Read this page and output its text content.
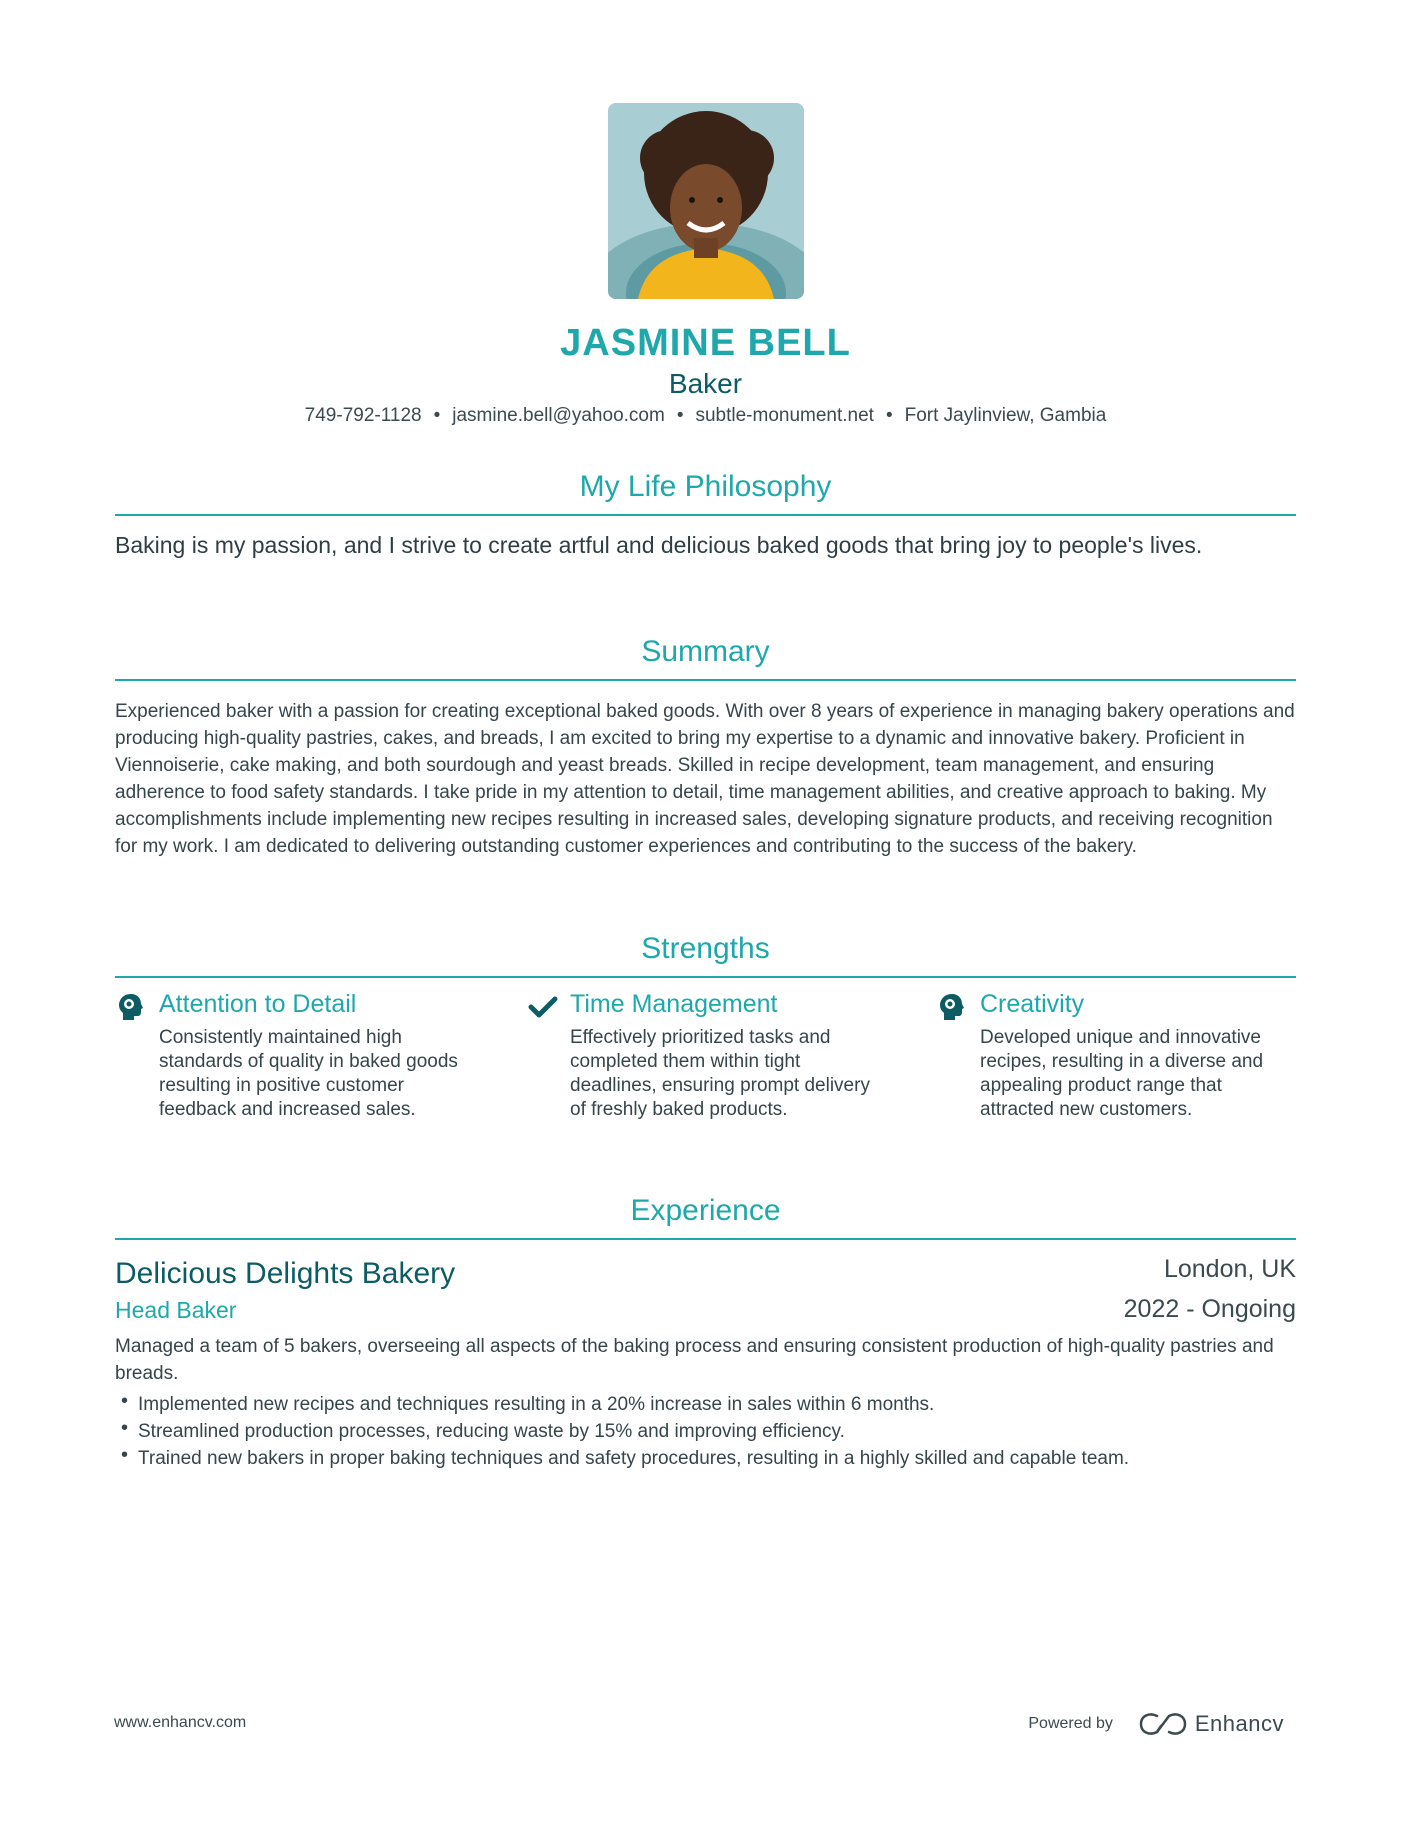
JASMINE BELL
Baker
749-792-1128 • jasmine.bell@yahoo.com • subtle-monument.net • Fort Jaylinview, Gambia
My Life Philosophy
Baking is my passion, and I strive to create artful and delicious baked goods that bring joy to people's lives.
Summary
Experienced baker with a passion for creating exceptional baked goods. With over 8 years of experience in managing bakery operations and producing high-quality pastries, cakes, and breads, I am excited to bring my expertise to a dynamic and innovative bakery. Proficient in Viennoiserie, cake making, and both sourdough and yeast breads. Skilled in recipe development, team management, and ensuring adherence to food safety standards. I take pride in my attention to detail, time management abilities, and creative approach to baking. My accomplishments include implementing new recipes resulting in increased sales, developing signature products, and receiving recognition for my work. I am dedicated to delivering outstanding customer experiences and contributing to the success of the bakery.
Strengths
Attention to Detail
Consistently maintained high standards of quality in baked goods resulting in positive customer feedback and increased sales.
Time Management
Effectively prioritized tasks and completed them within tight deadlines, ensuring prompt delivery of freshly baked products.
Creativity
Developed unique and innovative recipes, resulting in a diverse and appealing product range that attracted new customers.
Experience
Delicious Delights Bakery	London, UK
Head Baker	2022 - Ongoing
Managed a team of 5 bakers, overseeing all aspects of the baking process and ensuring consistent production of high-quality pastries and breads.
• Implemented new recipes and techniques resulting in a 20% increase in sales within 6 months.
• Streamlined production processes, reducing waste by 15% and improving efficiency.
• Trained new bakers in proper baking techniques and safety procedures, resulting in a highly skilled and capable team.
www.enhancv.com	Powered by	Enhancv
